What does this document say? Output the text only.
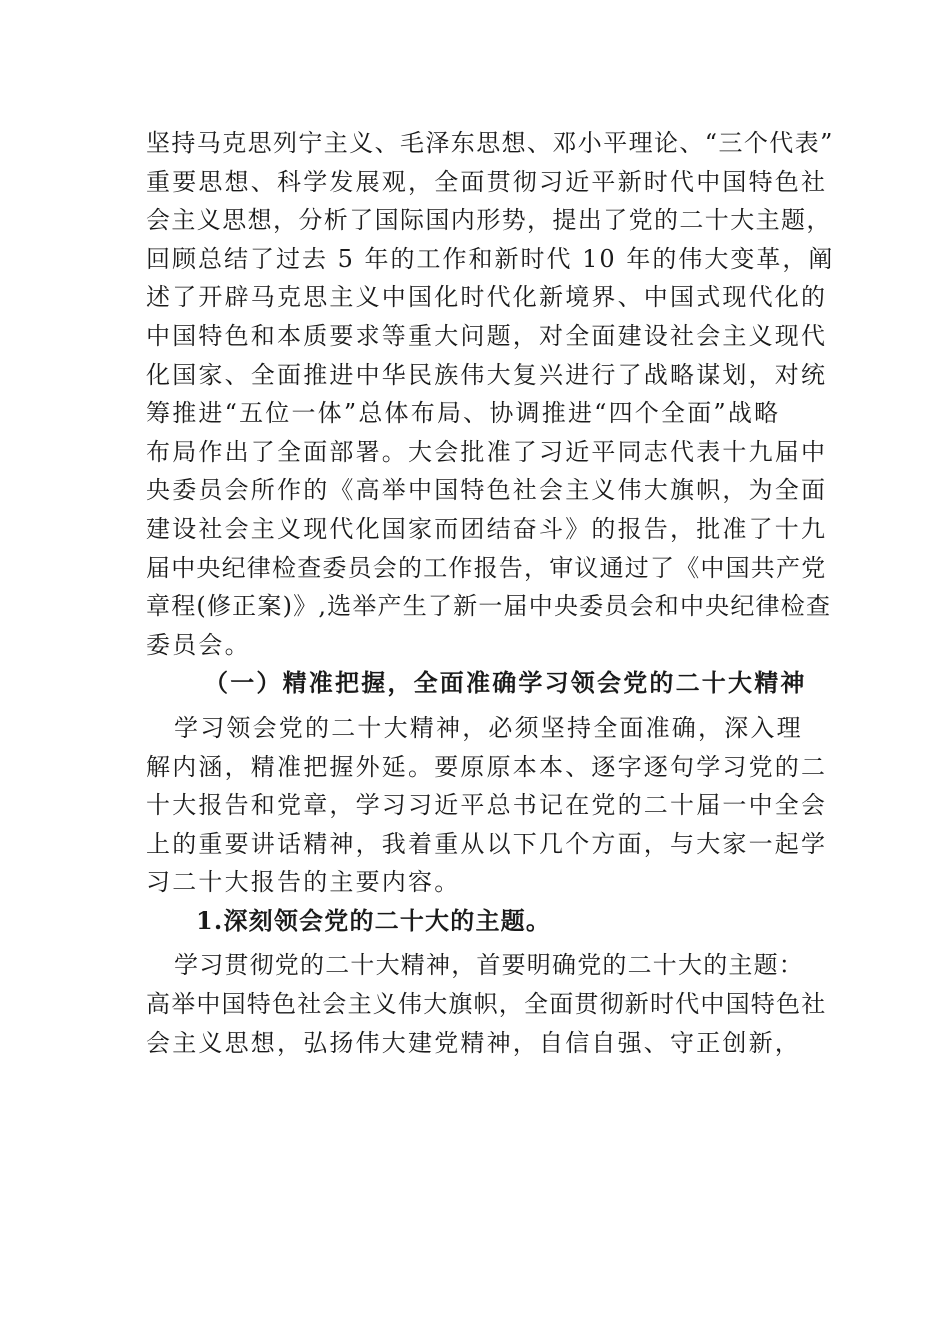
坚持马克思列宁主义、毛泽东思想、邓小平理论、“三个代表”
重要思想、科学发展观，全面贯彻习近平新时代中国特色社
会主义思想，分析了国际国内形势，提出了党的二十大主题，
回顾总结了过去 5 年的工作和新时代 10 年的伟大变革，阐
述了开辟马克思主义中国化时代化新境界、中国式现代化的
中国特色和本质要求等重大问题，对全面建设社会主义现代
化国家、全面推进中华民族伟大复兴进行了战略谋划，对统
筹推进“五位一体”总体布局、协调推进“四个全面”战略
布局作出了全面部署。大会批准了习近平同志代表十九届中
央委员会所作的《高举中国特色社会主义伟大旗帜，为全面
建设社会主义现代化国家而团结奋斗》的报告，批准了十九
届中央纪律检查委员会的工作报告，审议通过了《中国共产党
章程(修正案)》,选举产生了新一届中央委员会和中央纪律检查
委员会。
（一）精准把握，全面准确学习领会党的二十大精神
学习领会党的二十大精神，必须坚持全面准确，深入理
解内涵，精准把握外延。要原原本本、逐字逐句学习党的二
十大报告和党章，学习习近平总书记在党的二十届一中全会
上的重要讲话精神，我着重从以下几个方面，与大家一起学
习二十大报告的主要内容。
1.深刻领会党的二十大的主题。
学习贯彻党的二十大精神，首要明确党的二十大的主题：
高举中国特色社会主义伟大旗帜，全面贯彻新时代中国特色社
会主义思想，弘扬伟大建党精神，自信自强、守正创新，
